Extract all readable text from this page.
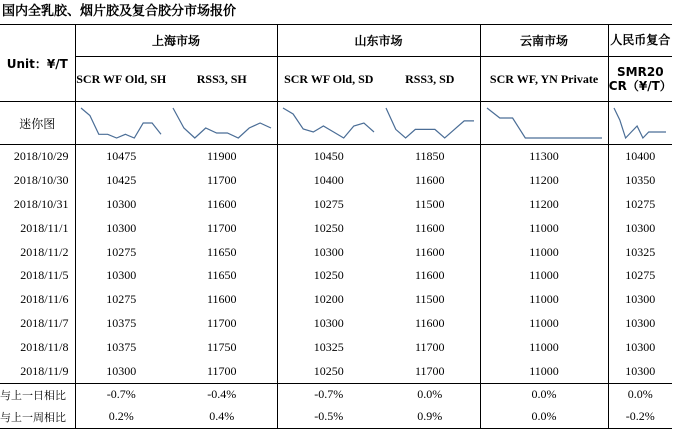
国内全乳胶、烟片胶及复合胶分市场报价
Unit：¥/T	上海市场		山东市场		云南市场	人民币复合
	SCR WF Old, SH	RSS3, SH	SCR WF Old, SD	RSS3, SD	SCR WF, YN Private	SMR20 CR（¥/T）
迷你图	

2018/10/29	10475	11900	10450	11850	11300	10400
2018/10/30	10425	11700	10400	11600	11200	10350
2018/10/31	10300	11600	10275	11500	11200	10275
2018/11/1	10300	11700	10250	11600	11000	10300
2018/11/2	10275	11650	10300	11600	11000	10325
2018/11/5	10300	11650	10250	11600	11000	10275
2018/11/6	10275	11600	10200	11500	11000	10300
2018/11/7	10375	11700	10300	11600	11000	10300
2018/11/8	10375	11750	10325	11700	11000	10300
2018/11/9	10300	11700	10250	11700	11000	10300
与上一日相比	-0.7%	-0.4%	-0.7%	0.0%	0.0%	0.0%
与上一周相比	0.2%	0.4%	-0.5%	0.9%	0.0%	-0.2%
